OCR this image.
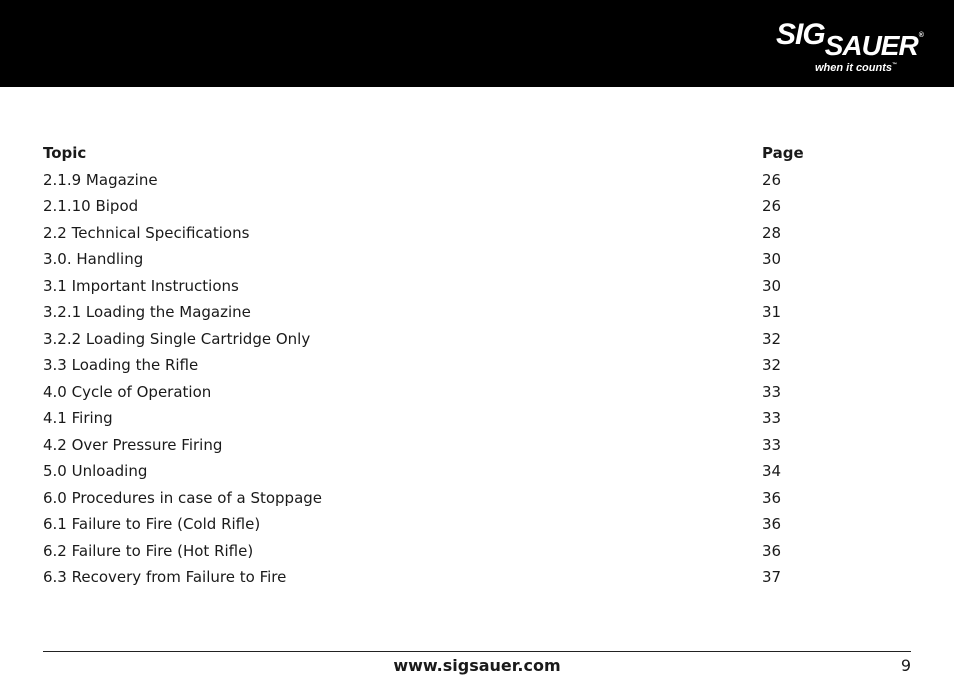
SIGSAUER®
when it counts™
Topic	Page
2.1.9 Magazine	26
2.1.10 Bipod	26
2.2 Technical Specifications	28
3.0. Handling	30
3.1 Important Instructions	30
3.2.1 Loading the Magazine	31
3.2.2 Loading Single Cartridge Only	32
3.3 Loading the Rifle	32
4.0 Cycle of Operation	33
4.1 Firing	33
4.2 Over Pressure Firing	33
5.0 Unloading	34
6.0 Procedures in case of a Stoppage	36
6.1 Failure to Fire (Cold Rifle)	36
6.2 Failure to Fire (Hot Rifle)	36
6.3 Recovery from Failure to Fire	37
www.sigsauer.com	9
